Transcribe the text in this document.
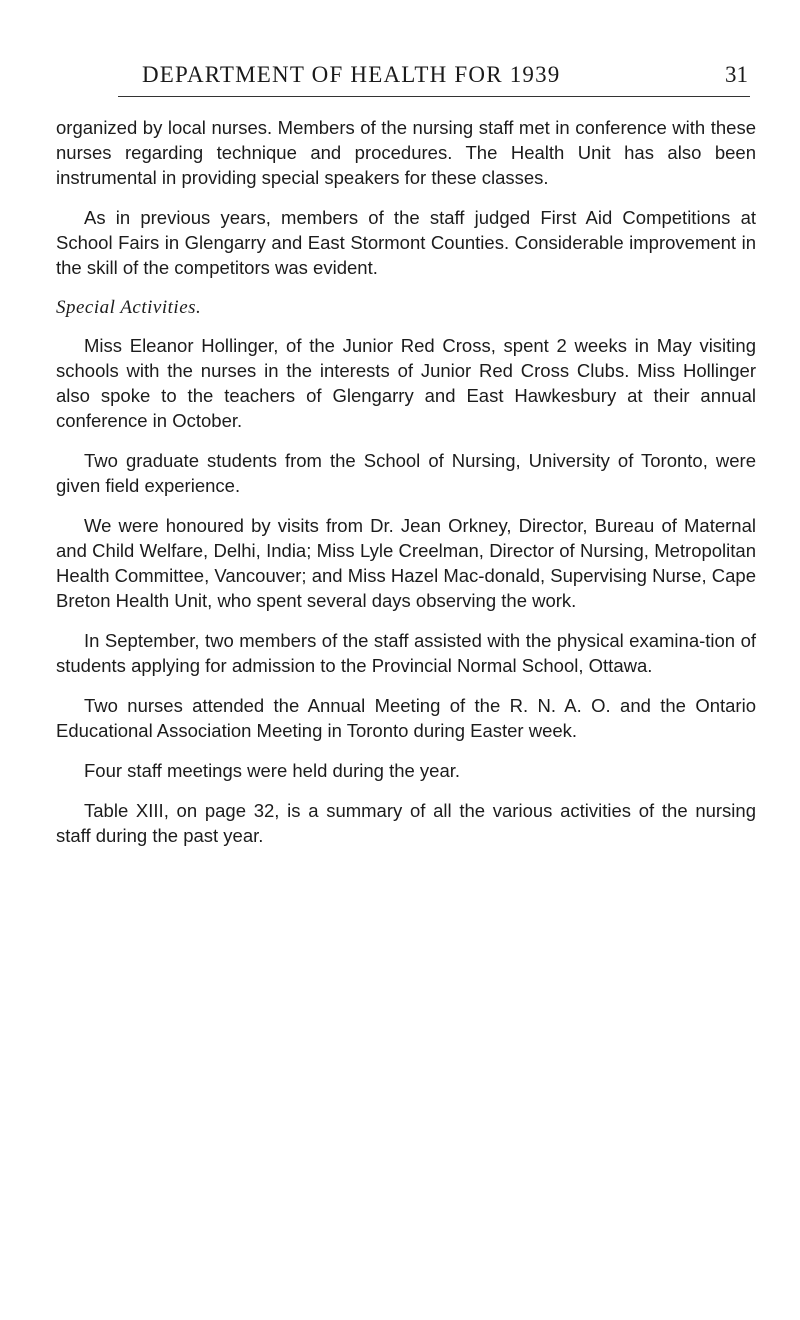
DEPARTMENT OF HEALTH FOR 1939	31

organized by local nurses. Members of the nursing staff met in conference with these nurses regarding technique and procedures. The Health Unit has also been instrumental in providing special speakers for these classes.

As in previous years, members of the staff judged First Aid Competitions at School Fairs in Glengarry and East Stormont Counties. Considerable improvement in the skill of the competitors was evident.

Special Activities.

Miss Eleanor Hollinger, of the Junior Red Cross, spent 2 weeks in May visiting schools with the nurses in the interests of Junior Red Cross Clubs. Miss Hollinger also spoke to the teachers of Glengarry and East Hawkesbury at their annual conference in October.

Two graduate students from the School of Nursing, University of Toronto, were given field experience.

We were honoured by visits from Dr. Jean Orkney, Director, Bureau of Maternal and Child Welfare, Delhi, India; Miss Lyle Creelman, Director of Nursing, Metropolitan Health Committee, Vancouver; and Miss Hazel Mac-donald, Supervising Nurse, Cape Breton Health Unit, who spent several days observing the work.

In September, two members of the staff assisted with the physical examina-tion of students applying for admission to the Provincial Normal School, Ottawa.

Two nurses attended the Annual Meeting of the R. N. A. O. and the Ontario Educational Association Meeting in Toronto during Easter week.

Four staff meetings were held during the year.

Table XIII, on page 32, is a summary of all the various activities of the nursing staff during the past year.
